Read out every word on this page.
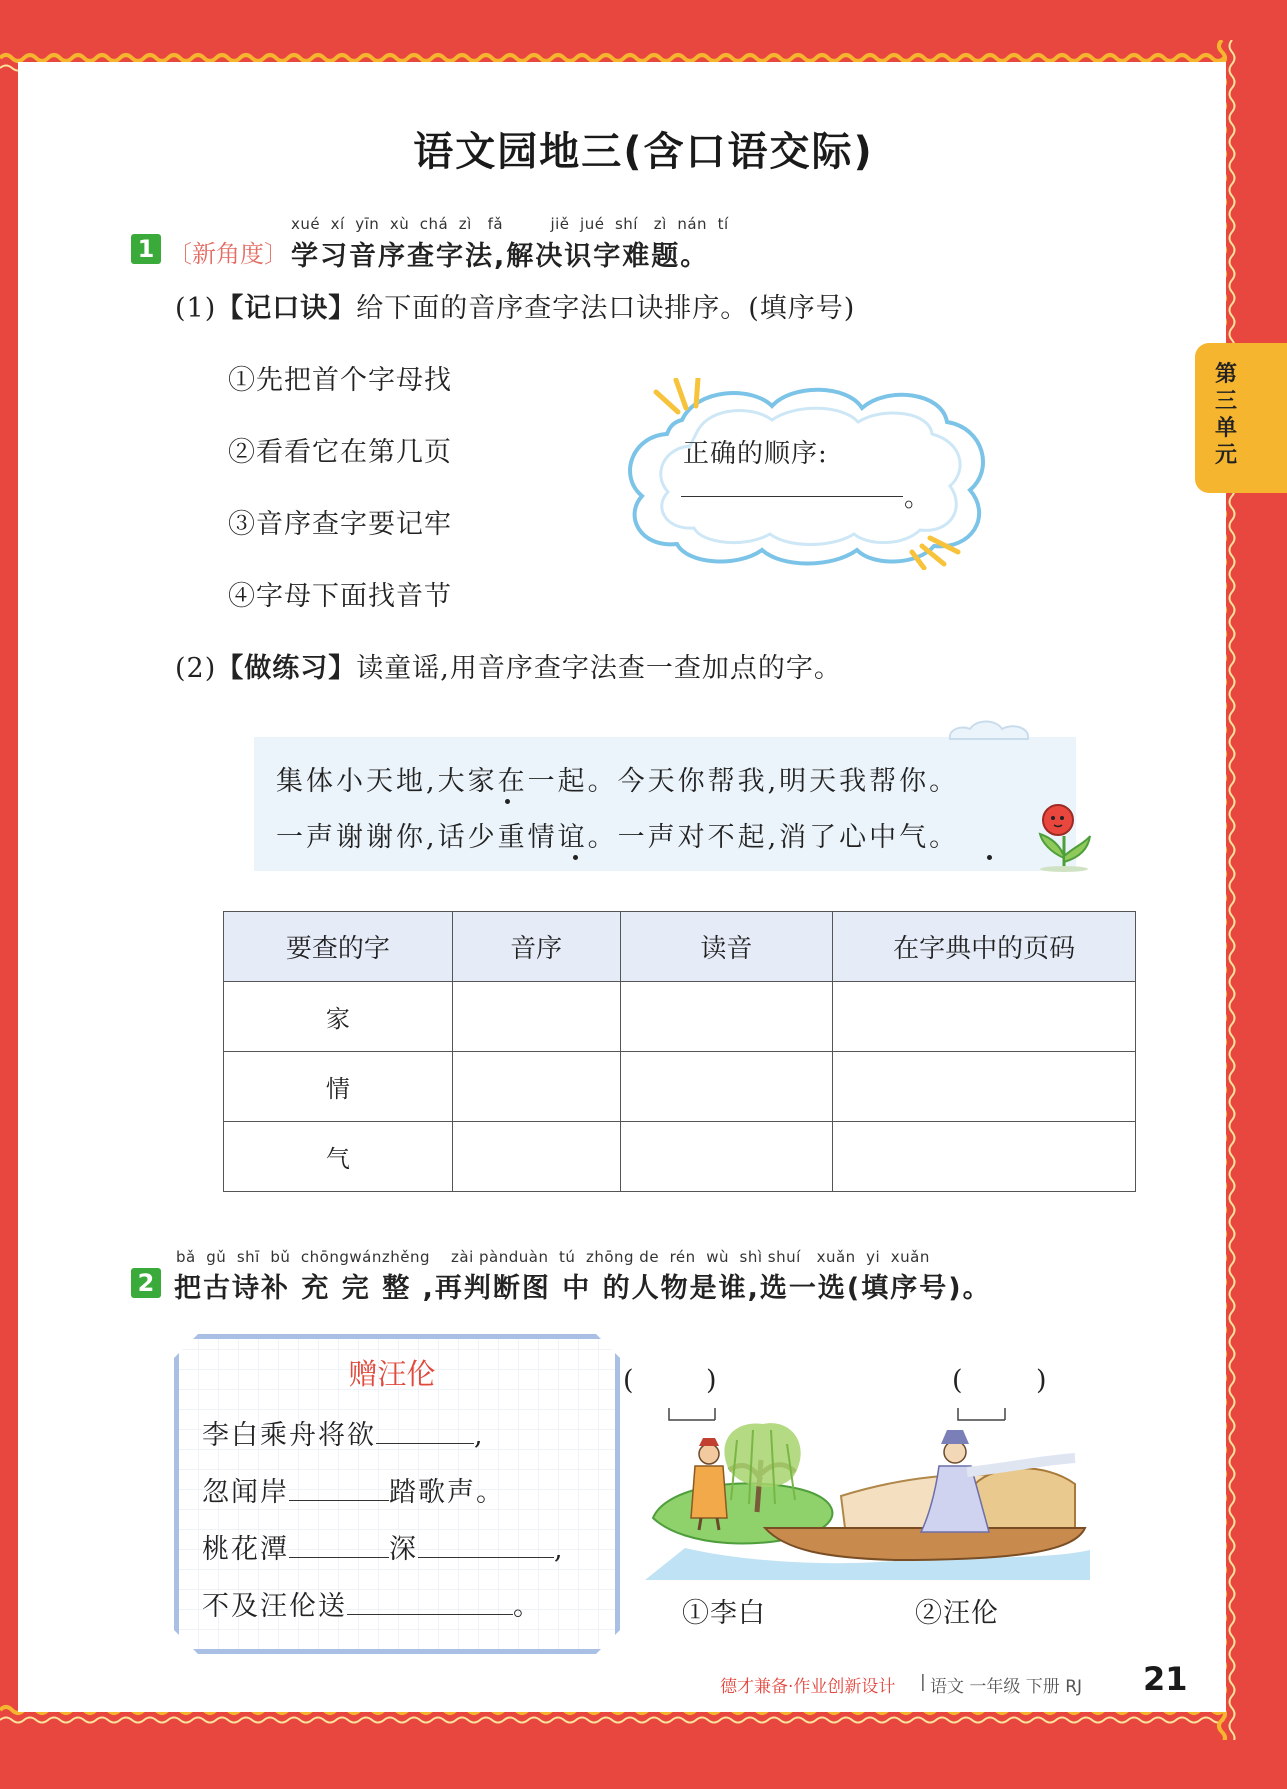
语文园地三(含口语交际)
第三单元
xué  xí  yīn  xù  chá  zì   fǎ         jiě  jué  shí   zì  nán  tí
1 〔新角度〕 学习音序查字法,解决识字难题。
(1)【记口诀】给下面的音序查字法口诀排序。(填序号)
①先把首个字母找
②看看它在第几页
③音序查字要记牢
④字母下面找音节
正确的顺序:
。
(2)【做练习】读童谣,用音序查字法查一查加点的字。
集体小天地,大家在一起。今天你帮我,明天我帮你。
一声谢谢你,话少重情谊。一声对不起,消了心中气。
要查的字	音序	读音	在字典中的页码
家			
情			
气			
bǎ  gǔ  shī  bǔ  chōngwánzhěng    zài pànduàn  tú  zhōng de  rén  wù  shì shuí   xuǎn  yi  xuǎn
2 把古诗补 充 完 整 ,再判断图 中 的人物是谁,选一选(填序号)。
赠汪伦
李白乘舟将欲	,
忽闻岸	踏歌声。
桃花潭	深	,
不及汪伦送	。
(	)	(	)
①李白	②汪伦
德才兼备·作业创新设计 | 语文 一年级 下册 RJ 21
